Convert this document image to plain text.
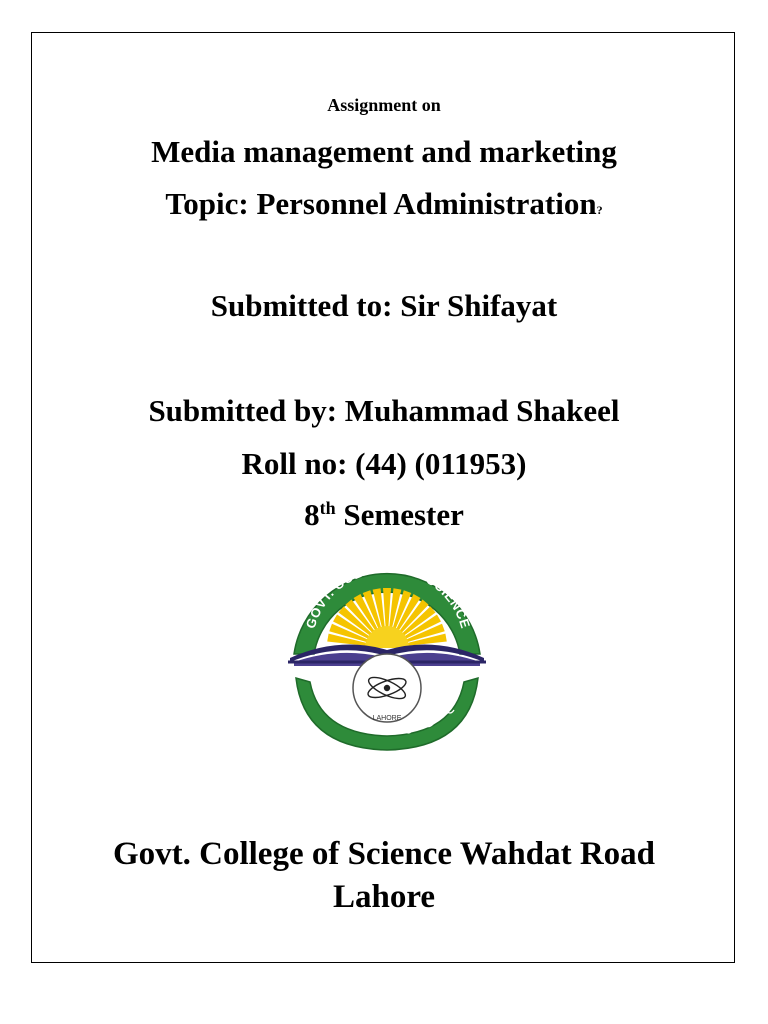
Assignment on
Media management and marketing
Topic: Personnel Administration?
Submitted to: Sir Shifayat
Submitted by: Muhammad Shakeel
Roll no: (44) (011953)
8th Semester
GOVT. COLLEGE OF SCIENCE
LAHORE
Govt. College of Science Wahdat Road
Lahore
